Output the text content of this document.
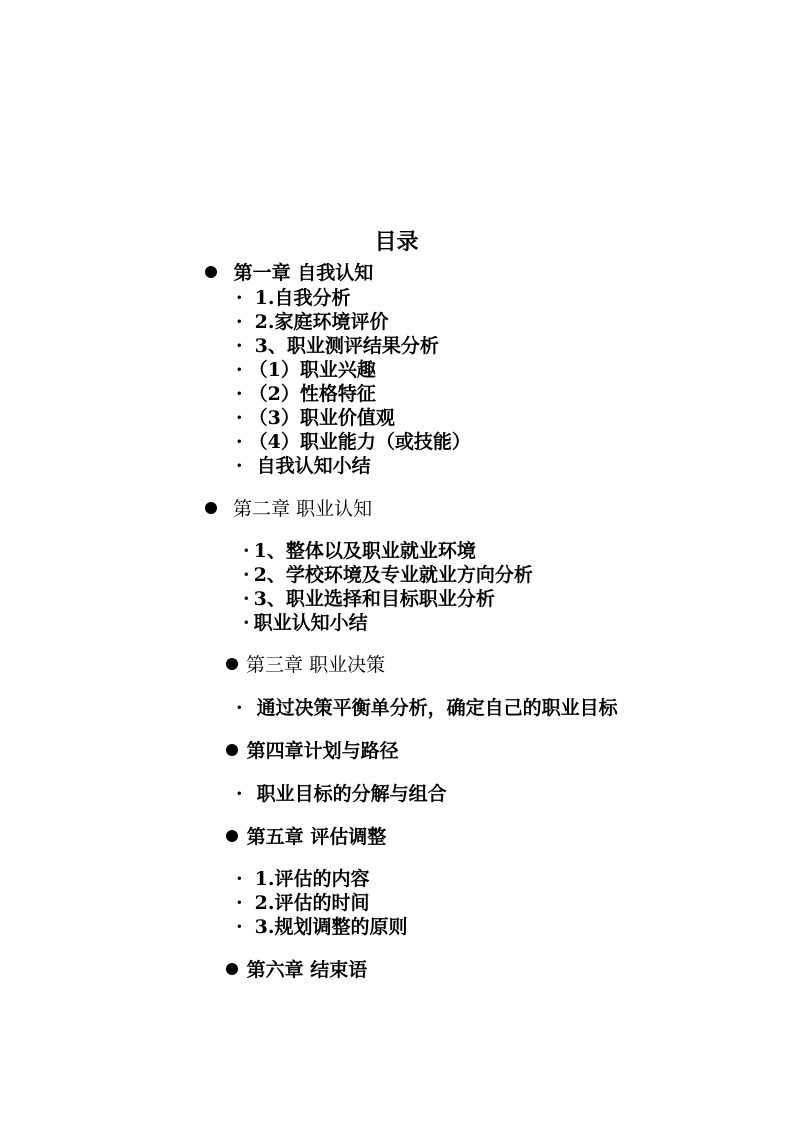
目录
第一章 自我认知
· 1.自我分析
· 2.家庭环境评价
· 3、职业测评结果分析
· （1）职业兴趣
· （2）性格特征
· （3）职业价值观
· （4）职业能力（或技能）
· 自我认知小结
第二章 职业认知
· 1、整体以及职业就业环境
· 2、学校环境及专业就业方向分析
· 3、职业选择和目标职业分析
· 职业认知小结
第三章 职业决策
· 通过决策平衡单分析，确定自己的职业目标
第四章计划与路径
· 职业目标的分解与组合
第五章 评估调整
· 1.评估的内容
· 2.评估的时间
· 3.规划调整的原则
第六章 结束语
